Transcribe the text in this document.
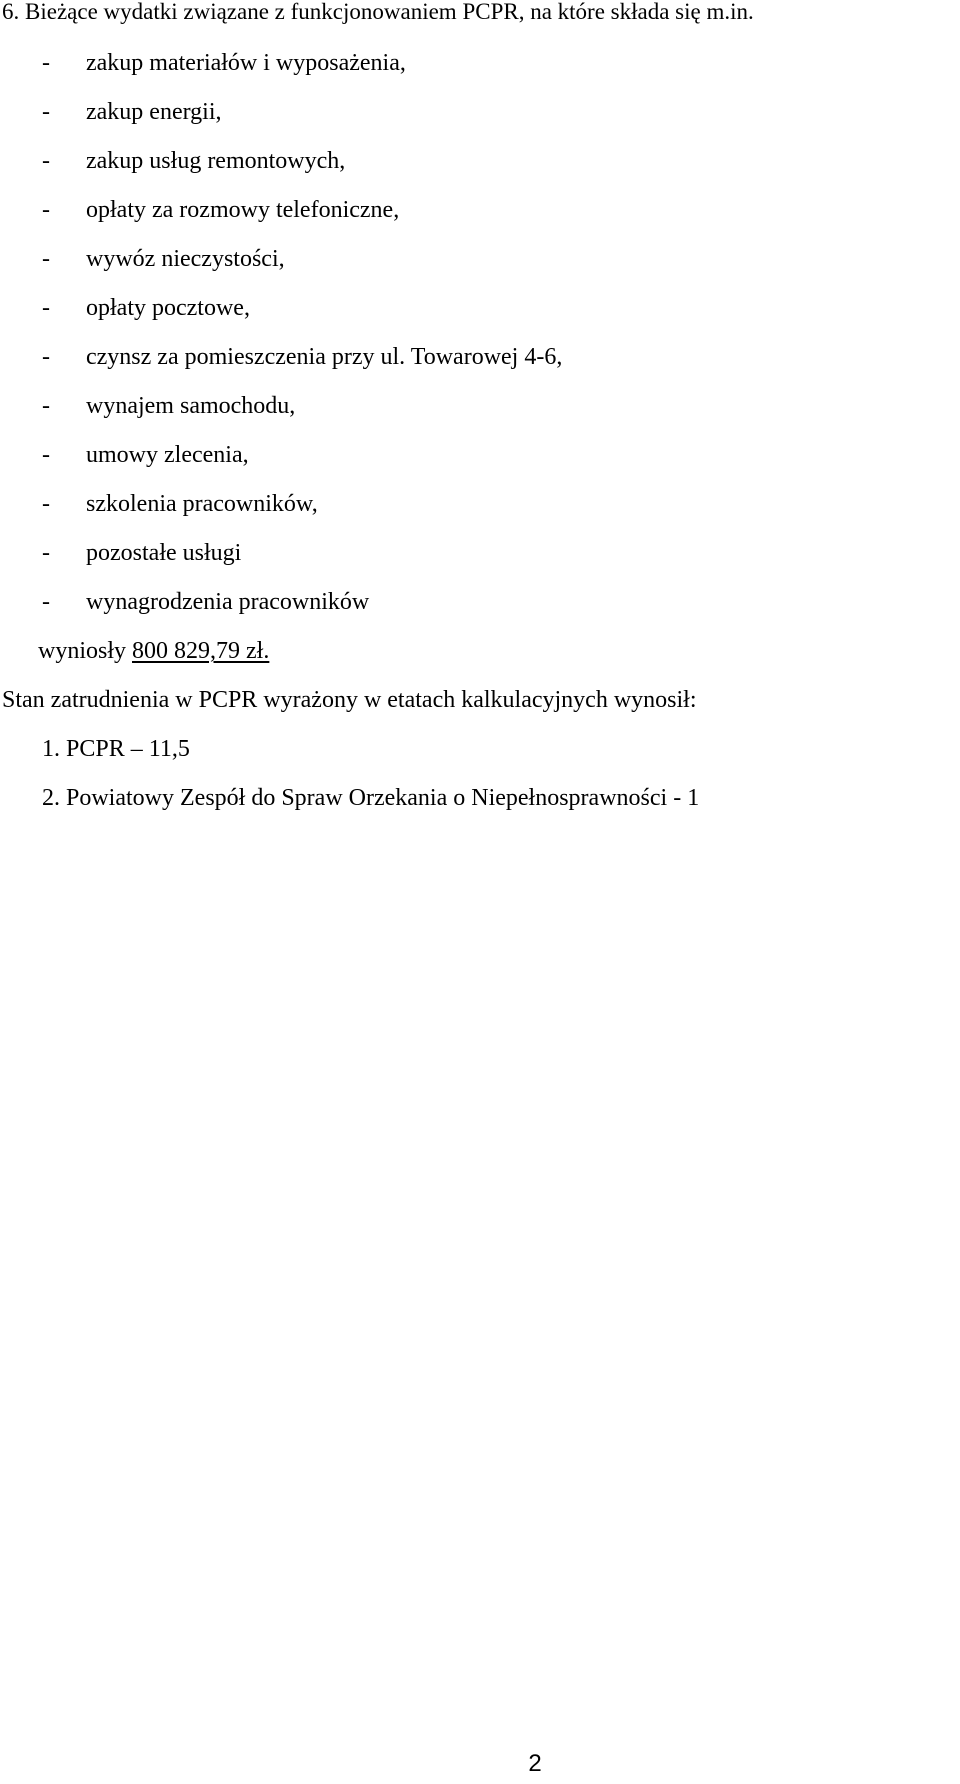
6. Bieżące wydatki związane z funkcjonowaniem PCPR, na które składa się m.in.
- zakup materiałów i wyposażenia,
- zakup energii,
- zakup usług remontowych,
- opłaty za rozmowy telefoniczne,
- wywóz nieczystości,
- opłaty pocztowe,
- czynsz za pomieszczenia przy ul. Towarowej 4-6,
- wynajem samochodu,
- umowy zlecenia,
- szkolenia pracowników,
- pozostałe usługi
- wynagrodzenia pracowników
wyniosły 800 829,79 zł.
Stan zatrudnienia w PCPR wyrażony w etatach kalkulacyjnych wynosił:
1. PCPR – 11,5
2. Powiatowy Zespół do Spraw Orzekania o Niepełnosprawności - 1
2
